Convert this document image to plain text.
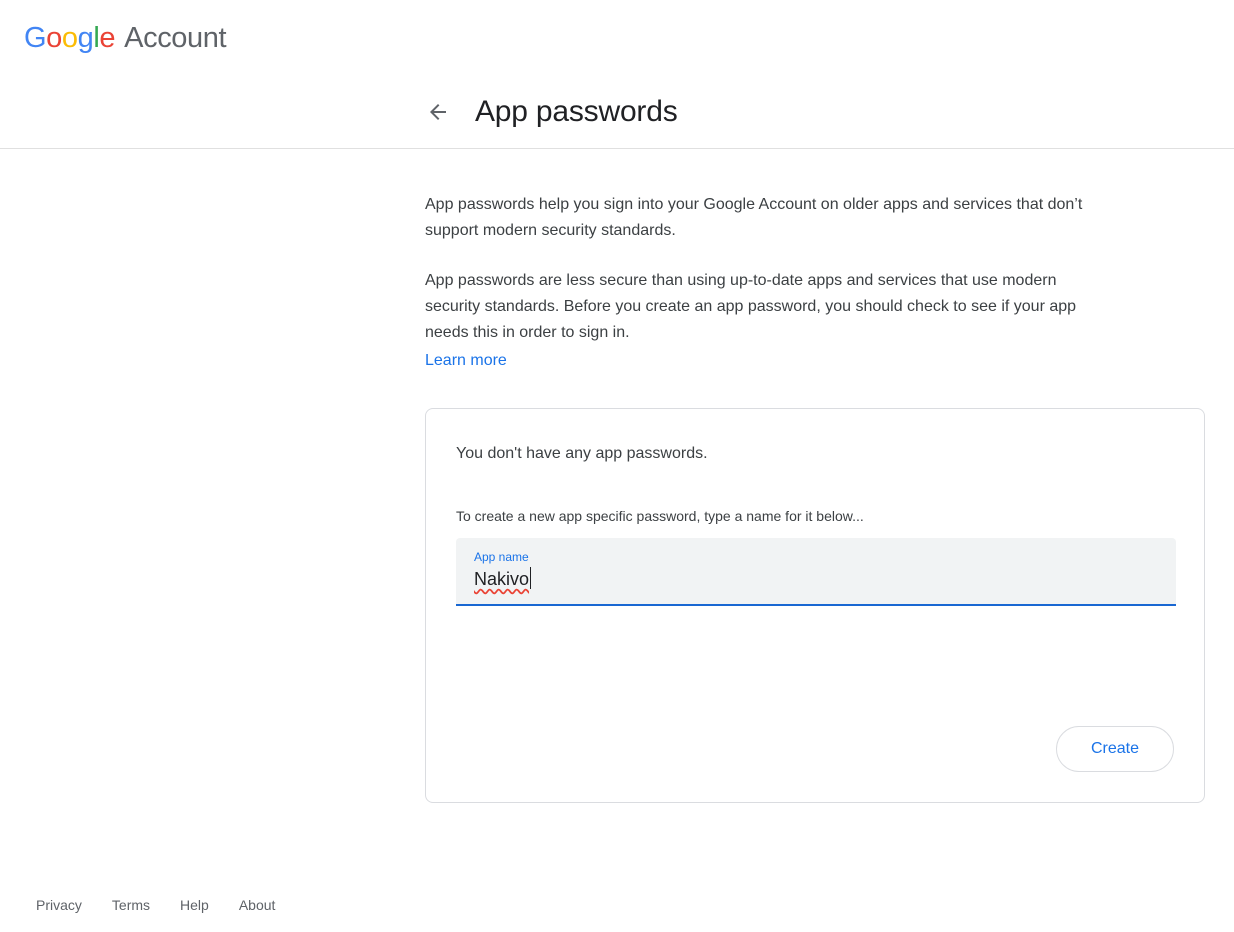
Google Account
App passwords

App passwords help you sign into your Google Account on older apps and services that don’t support modern security standards.

App passwords are less secure than using up-to-date apps and services that use modern security standards. Before you create an app password, you should check to see if your app needs this in order to sign in.

Learn more

You don't have any app passwords.

To create a new app specific password, type a name for it below...

App name
Nakivo
Create
Privacy Terms Help About
